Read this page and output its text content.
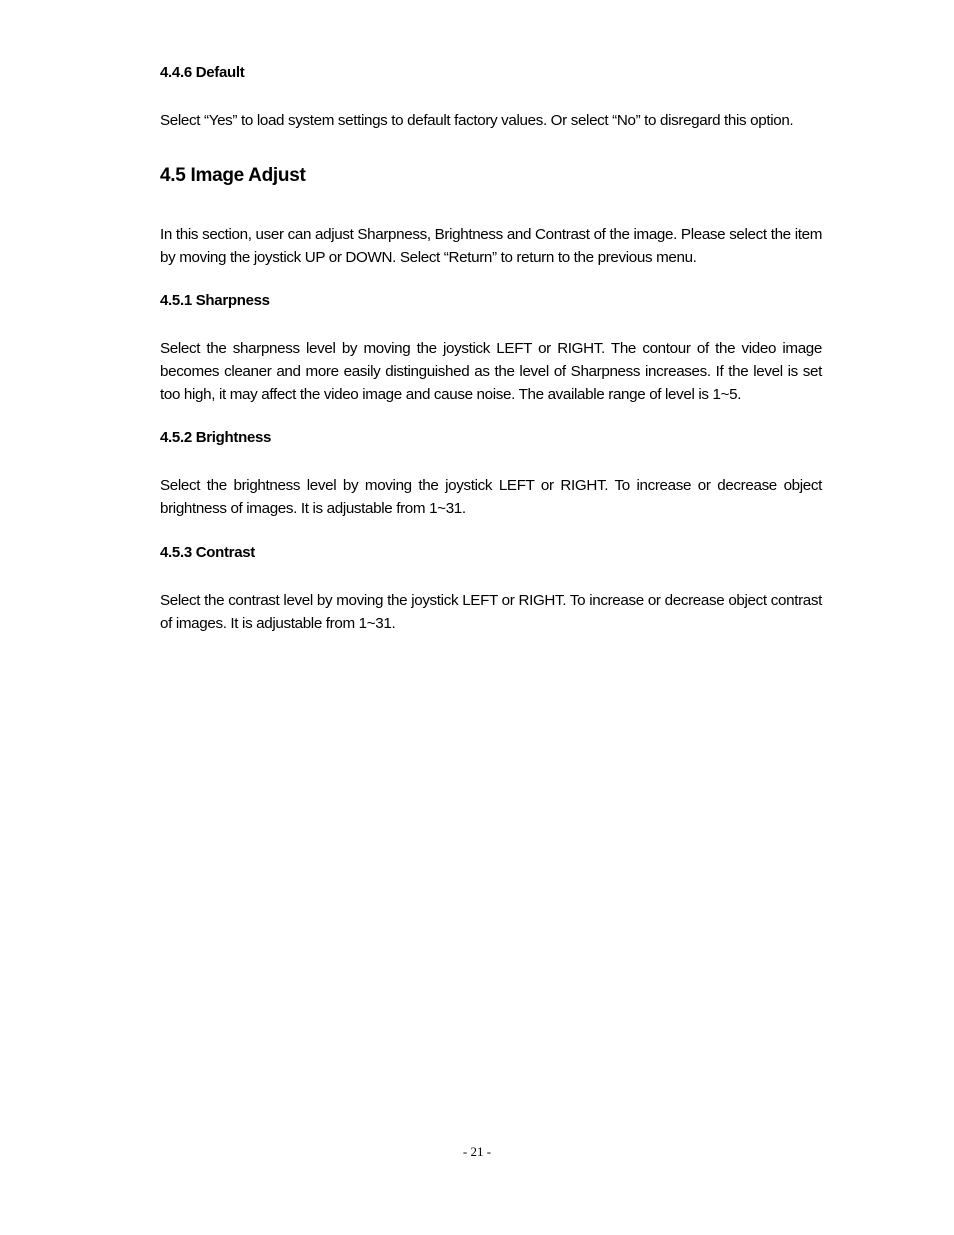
4.4.6 Default

Select “Yes” to load system settings to default factory values. Or select “No” to disregard this option.

4.5 Image Adjust

In this section, user can adjust Sharpness, Brightness and Contrast of the image. Please select the item by moving the joystick UP or DOWN. Select “Return” to return to the previous menu.

4.5.1 Sharpness

Select the sharpness level by moving the joystick LEFT or RIGHT. The contour of the video image becomes cleaner and more easily distinguished as the level of Sharpness increases. If the level is set too high, it may affect the video image and cause noise. The available range of level is 1~5.

4.5.2 Brightness

Select the brightness level by moving the joystick LEFT or RIGHT. To increase or decrease object brightness of images. It is adjustable from 1~31.

4.5.3 Contrast

Select the contrast level by moving the joystick LEFT or RIGHT. To increase or decrease object contrast of images. It is adjustable from 1~31.

- 21 -
